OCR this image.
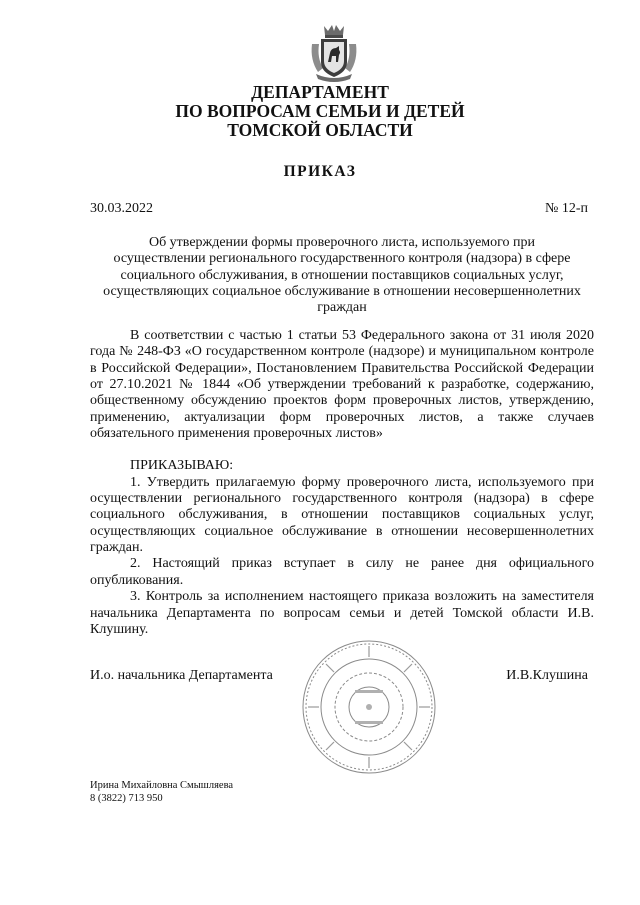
ДЕПАРТАМЕНТ
ПО ВОПРОСАМ СЕМЬИ И ДЕТЕЙ
ТОМСКОЙ ОБЛАСТИ
ПРИКАЗ
30.03.2022	№ 12-п
Об утверждении формы проверочного листа, используемого при
осуществлении регионального государственного контроля (надзора) в сфере
социального обслуживания, в отношении поставщиков социальных услуг,
осуществляющих социальное обслуживание в отношении несовершеннолетних
граждан

В соответствии с частью 1 статьи 53 Федерального закона от 31 июля 2020 года № 248-ФЗ «О государственном контроле (надзоре) и муниципальном контроле в Российской Федерации», Постановлением Правительства Российской Федерации от 27.10.2021 № 1844 «Об утверждении требований к разработке, содержанию, общественному обсуждению проектов форм проверочных листов, утверждению, применению, актуализации форм проверочных листов, а также случаев обязательного применения проверочных листов»

ПРИКАЗЫВАЮ:

1. Утвердить прилагаемую форму проверочного листа, используемого при осуществлении регионального государственного контроля (надзора) в сфере социального обслуживания, в отношении поставщиков социальных услуг, осуществляющих социальное обслуживание в отношении несовершеннолетних граждан.

2. Настоящий приказ вступает в силу не ранее дня официального опубликования.

3. Контроль за исполнением настоящего приказа возложить на заместителя начальника Департамента по вопросам семьи и детей Томской области И.В. Клушину.

И.о. начальника Департамента	И.В.Клушина
Ирина Михайловна Смышляева
8 (3822) 713 950
